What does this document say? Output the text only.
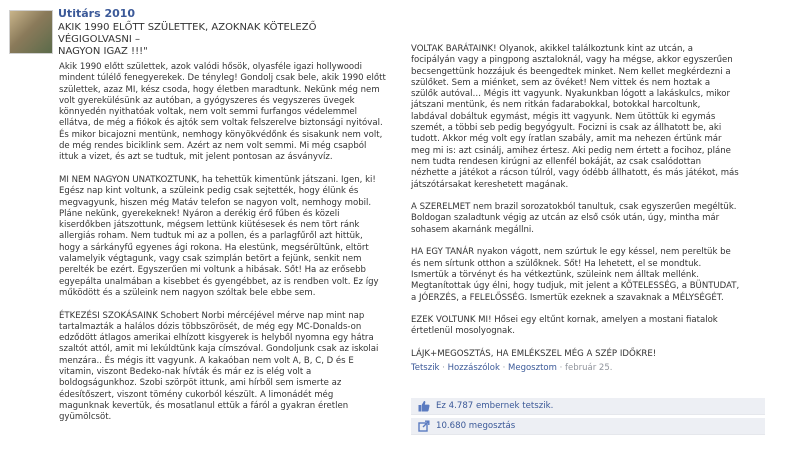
Utitárs 2010
AKIK 1990 ELŐTT SZÜLETTEK, AZOKNAK KÖTELEZŐ VÉGIGOLVASNI –
NAGYON IGAZ !!!"

Akik 1990 előtt születtek, azok valódi hősök, olyasféle igazi hollywoodi
mindent túlélő fenegyerekek. De tényleg! Gondolj csak bele, akik 1990 előtt
születtek, azaz MI, kész csoda, hogy életben maradtunk. Nekünk még nem
volt gyerekülésünk az autóban, a gyógyszeres és vegyszeres üvegek
könnyedén nyithatóak voltak, nem volt semmi furfangos védelemmel
ellátva, de még a fiókok és ajtók sem voltak felszerelve biztonsági nyitóval.
És mikor bicajozni mentünk, nemhogy könyökvédőnk és sisakunk nem volt,
de még rendes biciklink sem. Azért az nem volt semmi. Mi még csapból
ittuk a vizet, és azt se tudtuk, mit jelent pontosan az ásványvíz.

MI NEM NAGYON UNATKOZTUNK, ha tehettük kimentünk játszani. Igen, ki!
Egész nap kint voltunk, a szüleink pedig csak sejtették, hogy élünk és
megvagyunk, hiszen még Matáv telefon se nagyon volt, nemhogy mobil.
Pláne nekünk, gyerekeknek! Nyáron a derékig érő fűben és közeli
kiserdőkben játszottunk, mégsem lettünk kiütésesek és nem tört ránk
allergiás roham. Nem tudtuk mi az a pollen, és a parlagfűről azt hittük,
hogy a sárkányfű egyenes ági rokona. Ha elestünk, megsérültünk, eltört
valamelyik végtagunk, vagy csak szimplán betört a fejünk, senkit nem
perelték be ezért. Egyszerűen mi voltunk a hibásak. Sőt! Ha az erősebb
egyepálta unalmában a kisebbet és gyengébbet, az is rendben volt. Ez így
működött és a szüleink nem nagyon szóltak bele ebbe sem.

ÉTKEZÉSI SZOKÁSAINK Schobert Norbi mércéjével mérve nap mint nap
tartalmazták a halálos dózis többszörösét, de még egy MC-Donalds-on
edződött átlagos amerikai elhízott kisgyerek is helyből nyomna egy hátra
szaltót attól, amit mi lekúldtünk kaja címszóval. Gondoljunk csak az iskolai
menzára.. És mégis itt vagyunk. A kakaóban nem volt A, B, C, D és E
vitamin, viszont Bedeko-nak hívták és már ez is elég volt a
boldogságunkhoz. Szobi szörpöt ittunk, ami hírből sem ismerte az
édesítőszert, viszont tömény cukorból készült. A limonádét még
magunknak kevertük, és mosatlanul ettük a fáról a gyakran éretlen
gyümölcsöt.

VOLTAK BARÁTAINK! Olyanok, akikkel találkoztunk kint az utcán, a
focipályán vagy a pingpong asztaloknál, vagy ha mégse, akkor egyszerűen
becsengettünk hozzájuk és beengedtek minket. Nem kellet megkérdezni a
szülőket. Sem a miénket, sem az övéket! Nem vittek és nem hoztak a
szülők autóval… Mégis itt vagyunk. Nyakunkban lógott a lakáskulcs, mikor
játszani mentünk, és nem ritkán fadarabokkal, botokkal harcoltunk,
labdával dobáltuk egymást, mégis itt vagyunk. Nem ütöttük ki egymás
szemét, a többi seb pedig begyógyult. Focizni is csak az állhatott be, aki
tudott. Akkor még volt egy íratlan szabály, amit ma nehezen értünk már
meg mi is: azt csinálj, amihez értesz. Aki pedig nem értett a focihoz, pláne
nem tudta rendesen kirúgni az ellenfél bokáját, az csak csalódottan
nézhette a játékot a rácson túlról, vagy ódébb állhatott, és más játékot, más
játszótársakat kereshetett magának.

A SZERELMET nem brazil sorozatokból tanultuk, csak egyszerűen megéltük.
Boldogan szaladtunk végig az utcán az első csók után, úgy, mintha már
sohasem akarnánk megállni.

HA EGY TANÁR nyakon vágott, nem szúrtuk le egy késsel, nem pereltük be
és nem sírtunk otthon a szülőknek. Sőt! Ha lehetett, el se mondtuk.
Ismertük a törvényt és ha vétkeztünk, szüleink nem álltak mellénk.
Megtanítottak úgy élni, hogy tudjuk, mit jelent a KÖTELESSÉG, a BÜNTUDAT,
a JÓERZÉS, a FELELŐSSÉG. Ismertük ezeknek a szavaknak a MÉLYSÉGÉT.

EZEK VOLTUNK MI! Hősei egy eltűnt kornak, amelyen a mostani fiatalok
értetlenül mosolyognak.

LÁJK+MEGOSZTÁS, HA EMLÉKSZEL MÉG A SZÉP IDŐKRE!

Tetszik · Hozzászólok · Megosztom · február 25.
Ez 4.787 embernek tetszik.
10.680 megosztás
